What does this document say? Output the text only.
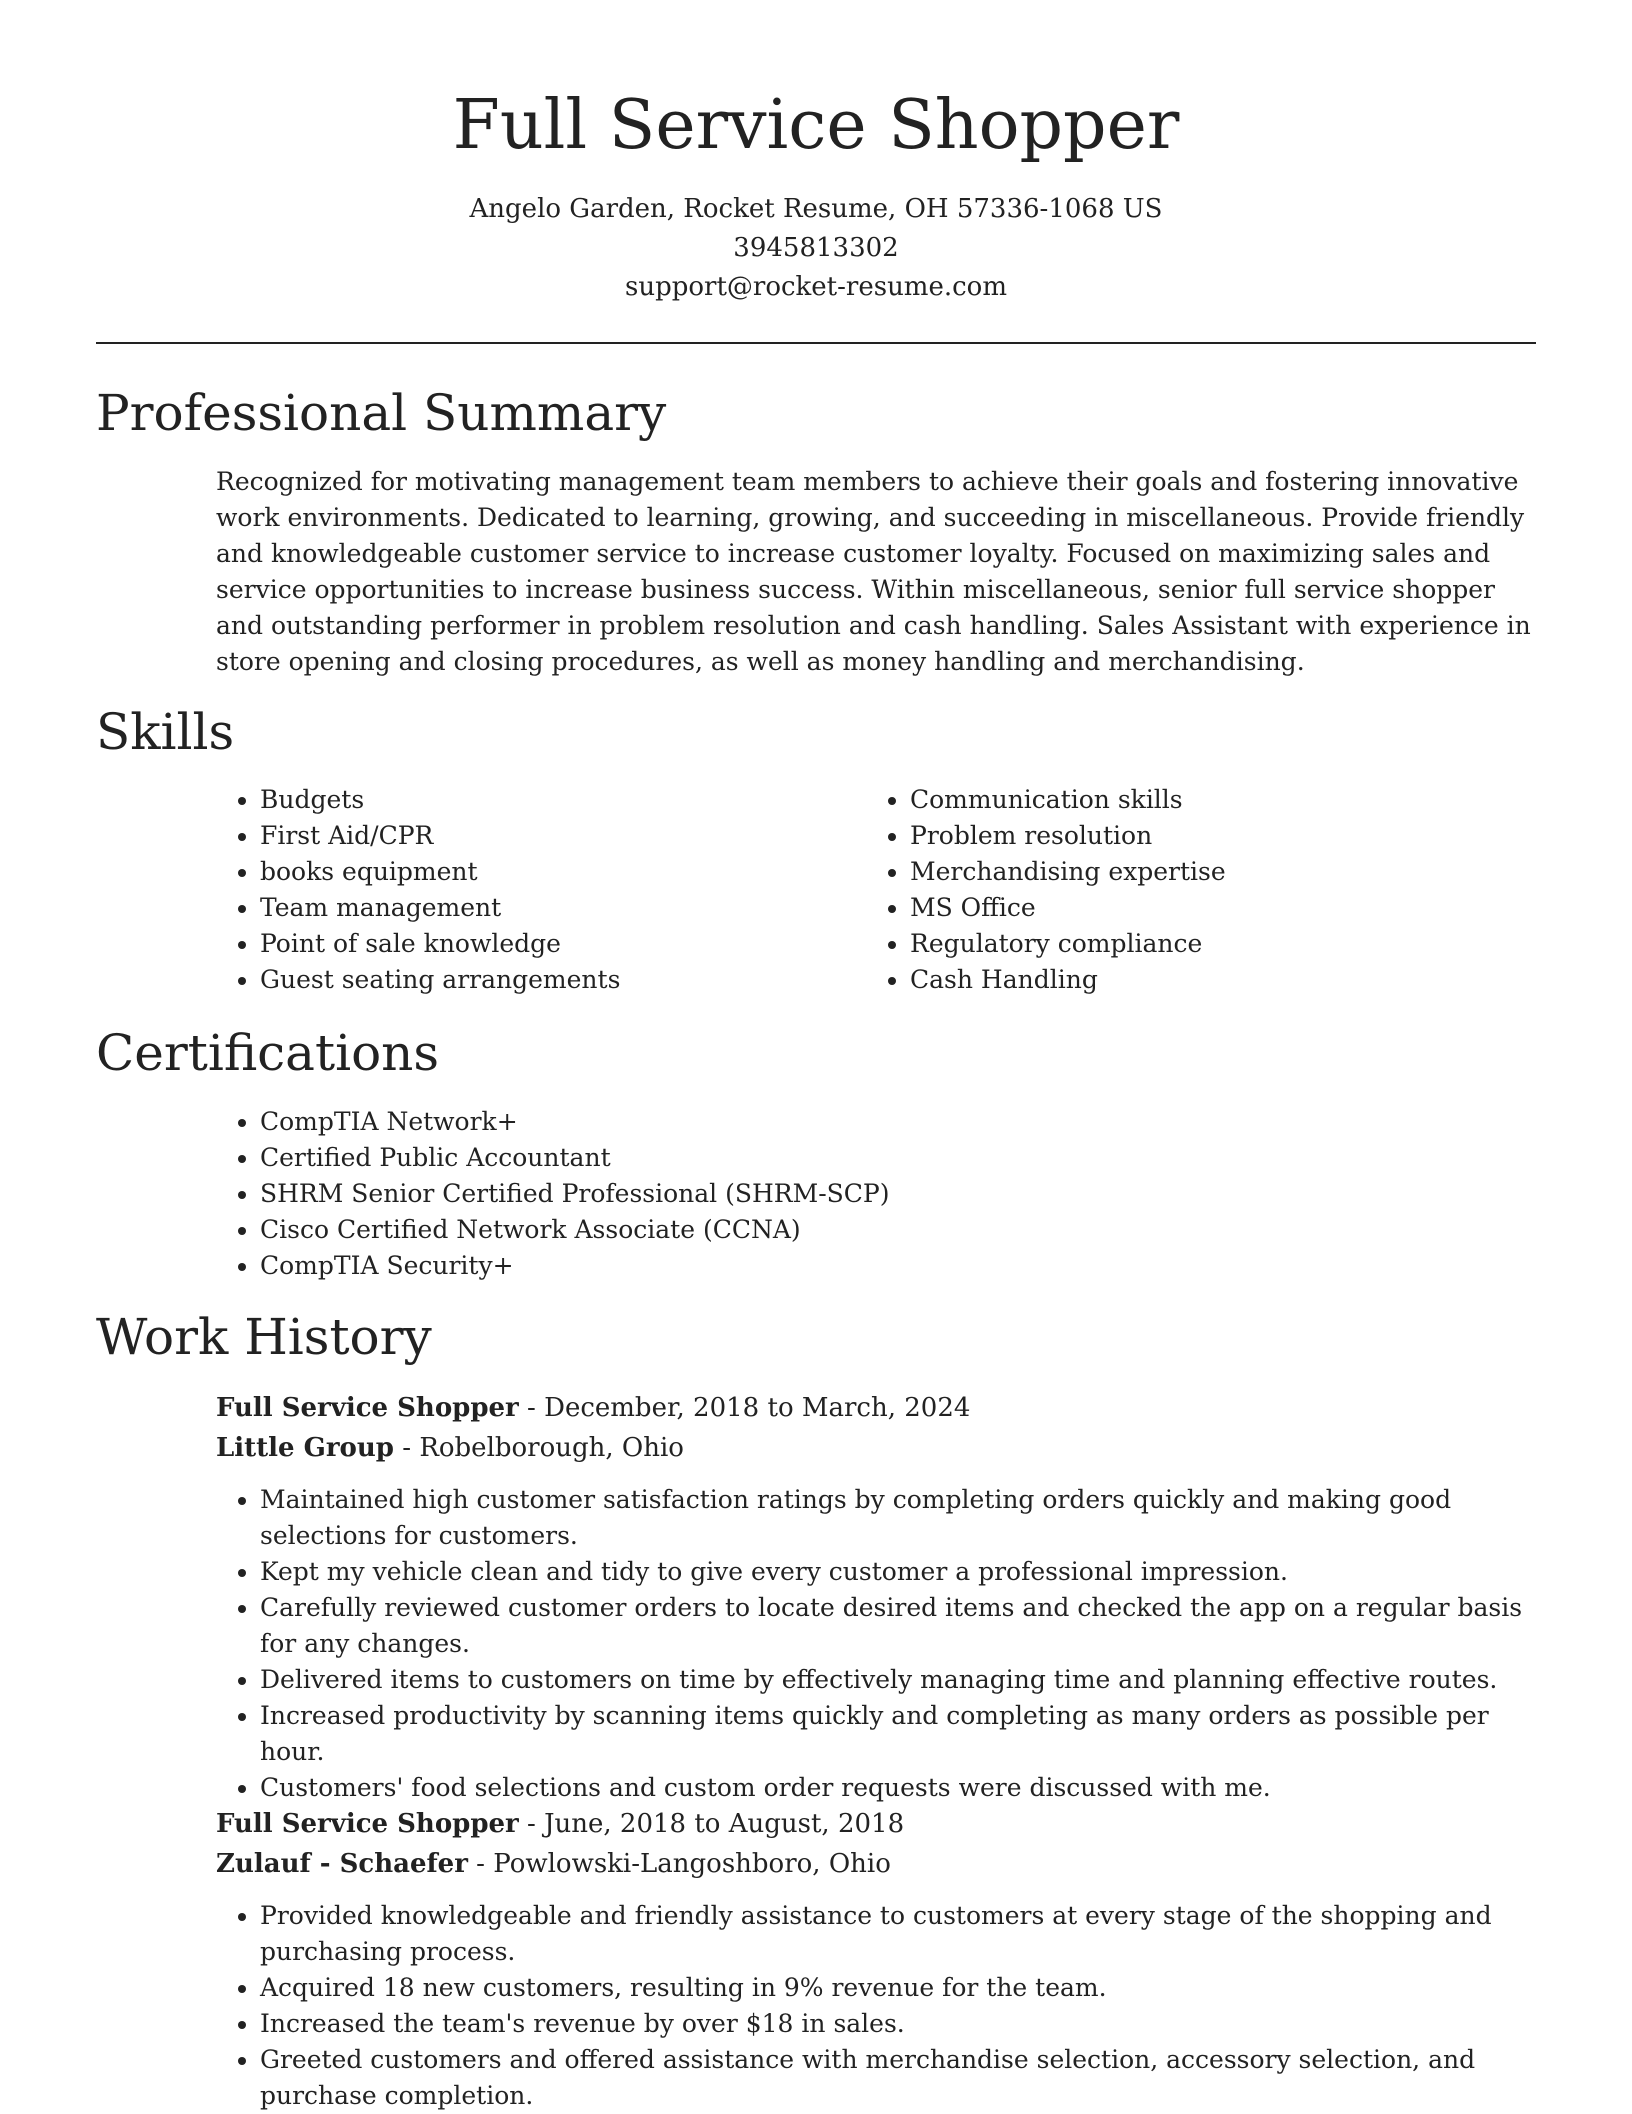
Full Service Shopper
Angelo Garden, Rocket Resume, OH 57336-1068 US
3945813302
support@rocket-resume.com
Professional Summary

Recognized for motivating management team members to achieve their goals and fostering innovative work environments. Dedicated to learning, growing, and succeeding in miscellaneous. Provide friendly and knowledgeable customer service to increase customer loyalty. Focused on maximizing sales and service opportunities to increase business success. Within miscellaneous, senior full service shopper and outstanding performer in problem resolution and cash handling. Sales Assistant with experience in store opening and closing procedures, as well as money handling and merchandising.

Skills
• Budgets
• First Aid/CPR
• books equipment
• Team management
• Point of sale knowledge
• Guest seating arrangements
• Communication skills
• Problem resolution
• Merchandising expertise
• MS Office
• Regulatory compliance
• Cash Handling
Certifications
• CompTIA Network+
• Certified Public Accountant
• SHRM Senior Certified Professional (SHRM-SCP)
• Cisco Certified Network Associate (CCNA)
• CompTIA Security+
Work History
Full Service Shopper - December, 2018 to March, 2024
Little Group - Robelborough, Ohio
• Maintained high customer satisfaction ratings by completing orders quickly and making good selections for customers.
• Kept my vehicle clean and tidy to give every customer a professional impression.
• Carefully reviewed customer orders to locate desired items and checked the app on a regular basis for any changes.
• Delivered items to customers on time by effectively managing time and planning effective routes.
• Increased productivity by scanning items quickly and completing as many orders as possible per hour.
• Customers' food selections and custom order requests were discussed with me.
Full Service Shopper - June, 2018 to August, 2018
Zulauf - Schaefer - Powlowski-Langoshboro, Ohio
• Provided knowledgeable and friendly assistance to customers at every stage of the shopping and purchasing process.
• Acquired 18 new customers, resulting in 9% revenue for the team.
• Increased the team's revenue by over $18 in sales.
• Greeted customers and offered assistance with merchandise selection, accessory selection, and purchase completion.
